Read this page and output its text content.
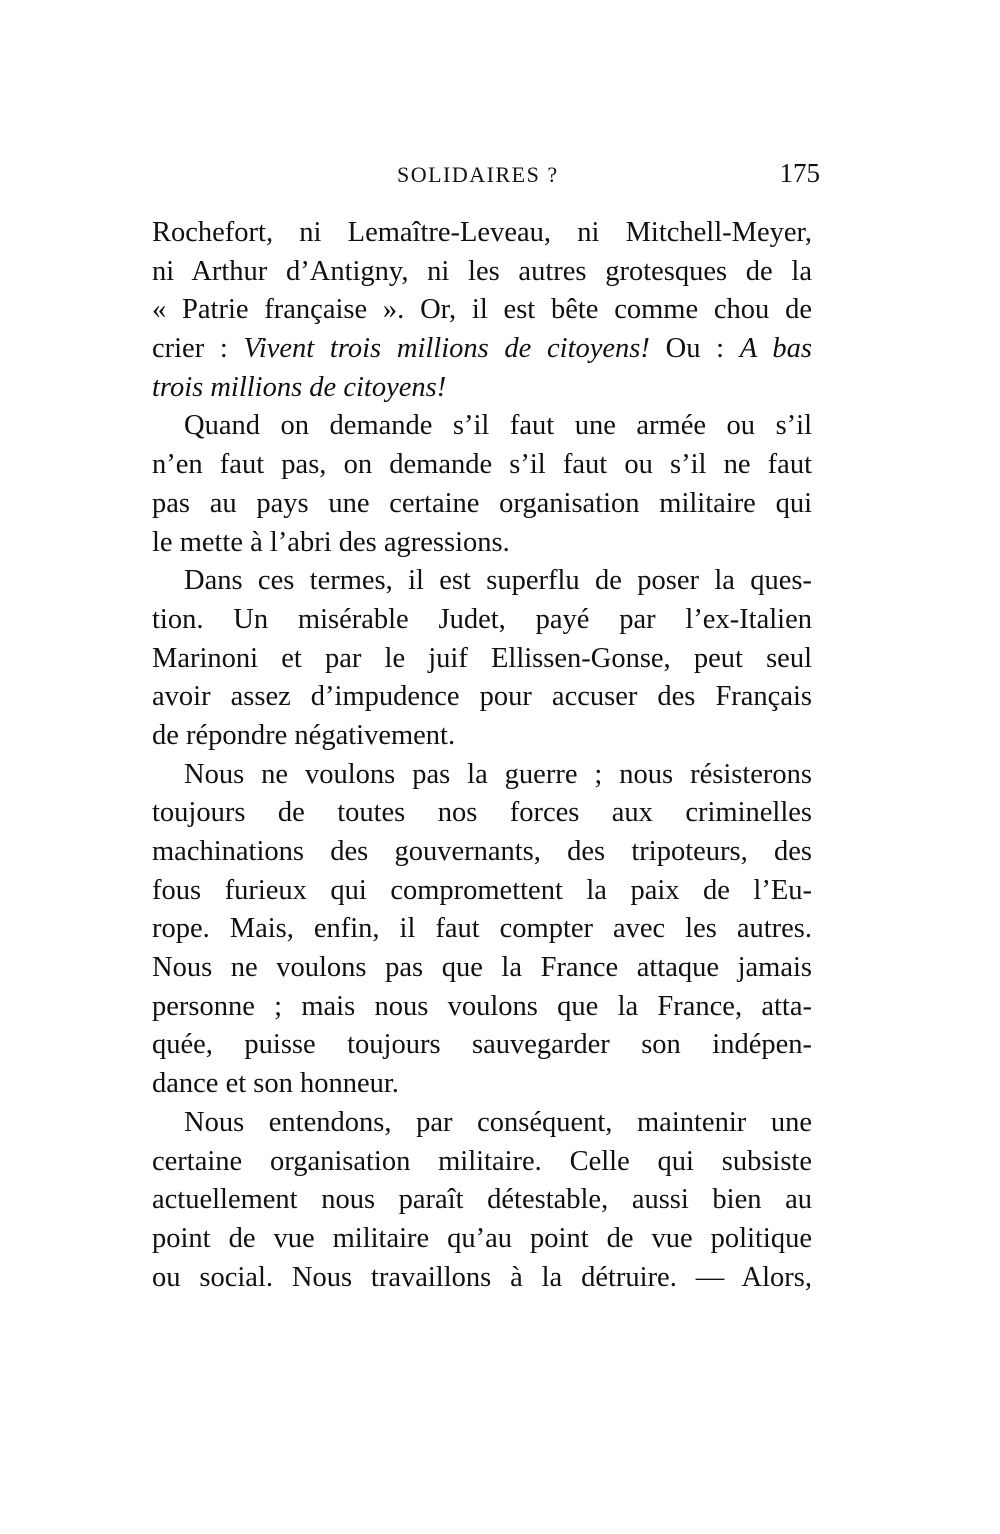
SOLIDAIRES ?	175
Rochefort, ni Lemaître-Leveau, ni Mitchell-Meyer,
ni Arthur d’Antigny, ni les autres grotesques de la
« Patrie française ». Or, il est bête comme chou de
crier : Vivent trois millions de citoyens! Ou : A bas
trois millions de citoyens!
Quand on demande s’il faut une armée ou s’il
n’en faut pas, on demande s’il faut ou s’il ne faut
pas au pays une certaine organisation militaire qui
le mette à l’abri des agressions.
Dans ces termes, il est superflu de poser la ques-
tion. Un misérable Judet, payé par l’ex-Italien
Marinoni et par le juif Ellissen-Gonse, peut seul
avoir assez d’impudence pour accuser des Français
de répondre négativement.
Nous ne voulons pas la guerre ; nous résisterons
toujours de toutes nos forces aux criminelles
machinations des gouvernants, des tripoteurs, des
fous furieux qui compromettent la paix de l’Eu-
rope. Mais, enfin, il faut compter avec les autres.
Nous ne voulons pas que la France attaque jamais
personne ; mais nous voulons que la France, atta-
quée, puisse toujours sauvegarder son indépen-
dance et son honneur.
Nous entendons, par conséquent, maintenir une
certaine organisation militaire. Celle qui subsiste
actuellement nous paraît détestable, aussi bien au
point de vue militaire qu’au point de vue politique
ou social. Nous travaillons à la détruire. — Alors,
